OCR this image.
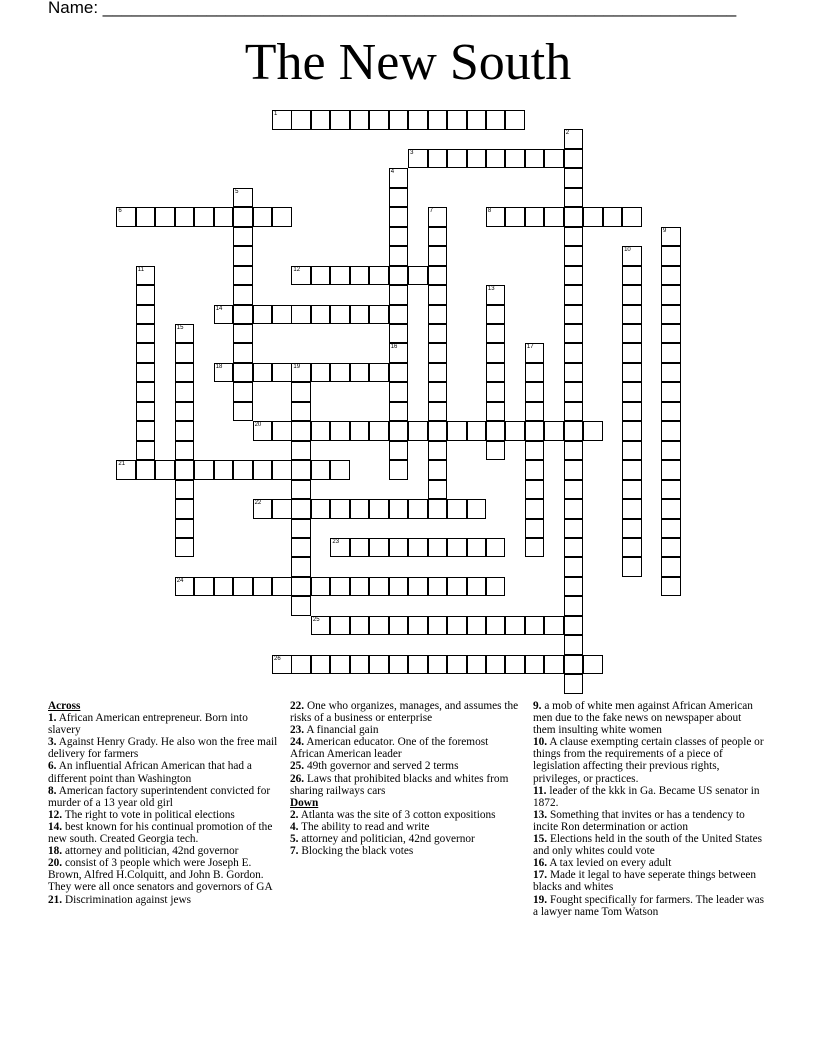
Name: ___________________________________________________________________
The New South
1
3
6	8
12
14
18	19
20
21
22
23
24
25
26
2
4
16
5
7
9
10
11
13
15
17
Across
1. African American entrepreneur. Born into slavery
3. Against Henry Grady. He also won the free mail delivery for farmers
6. An influential African American that had a different point than Washington
8. American factory superintendent convicted for murder of a 13 year old girl
12. The right to vote in political elections
14. best known for his continual promotion of the new south. Created Georgia tech.
18. attorney and politician, 42nd governor
20. consist of 3 people which were Joseph E. Brown, Alfred H.Colquitt, and John B. Gordon. They were all once senators and governors of GA
21. Discrimination against jews
22. One who organizes, manages, and assumes the risks of a business or enterprise
23. A financial gain
24. American educator. One of the foremost African American leader
25. 49th governor and served 2 terms
26. Laws that prohibited blacks and whites from sharing railways cars
Down
2. Atlanta was the site of 3 cotton expositions
4. The ability to read and write
5. attorney and politician, 42nd governor
7. Blocking the black votes
9. a mob of white men against African American men due to the fake news on newspaper about them insulting white women
10. A clause exempting certain classes of people or things from the requirements of a piece of legislation affecting their previous rights, privileges, or practices.
11. leader of the kkk in Ga. Became US senator in 1872.
13. Something that invites or has a tendency to incite Ron determination or action
15. Elections held in the south of the United States and only whites could vote
16. A tax levied on every adult
17. Made it legal to have seperate things between blacks and whites
19. Fought specifically for farmers. The leader was a lawyer name Tom Watson
